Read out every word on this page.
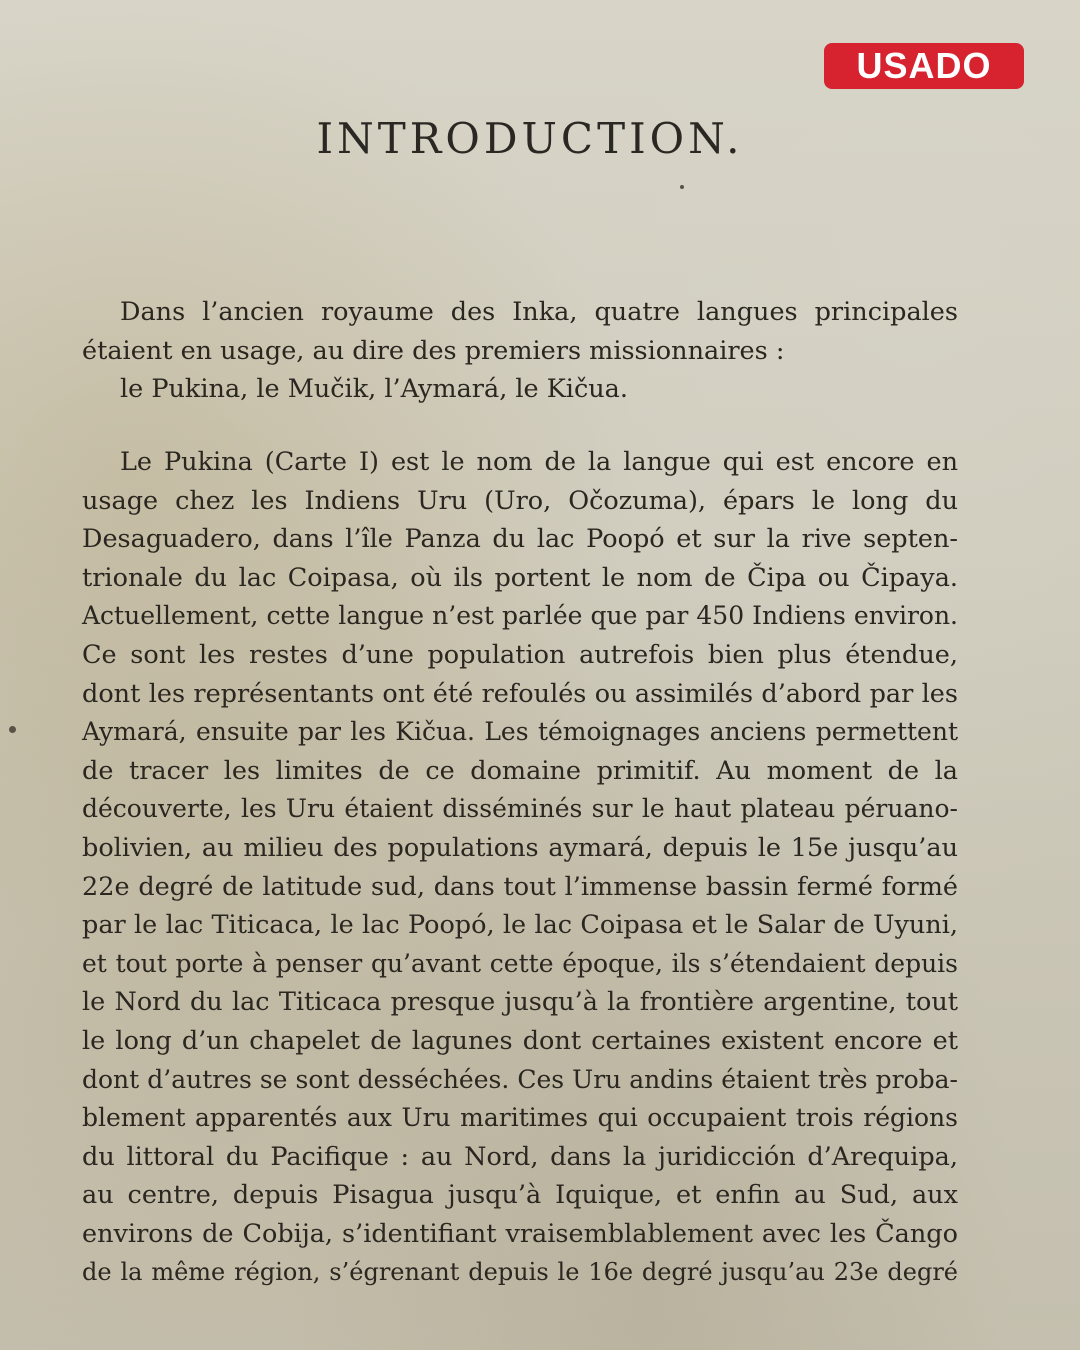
USADO
INTRODUCTION.
Dans l’ancien royaume des Inka, quatre langues principales
étaient en usage, au dire des premiers missionnaires :
le Pukina, le Mučik, l’Aymará, le Kičua.
Le Pukina (Carte I) est le nom de la langue qui est encore en
usage chez les Indiens Uru (Uro, Očozuma), épars le long du
Desaguadero, dans l’île Panza du lac Poopó et sur la rive septen-
trionale du lac Coipasa, où ils portent le nom de Čipa ou Čipaya.
Actuellement, cette langue n’est parlée que par 450 Indiens environ.
Ce sont les restes d’une population autrefois bien plus étendue,
dont les représentants ont été refoulés ou assimilés d’abord par les
Aymará, ensuite par les Kičua. Les témoignages anciens permettent
de tracer les limites de ce domaine primitif. Au moment de la
découverte, les Uru étaient disséminés sur le haut plateau péruano-
bolivien, au milieu des populations aymará, depuis le 15e jusqu’au
22e degré de latitude sud, dans tout l’immense bassin fermé formé
par le lac Titicaca, le lac Poopó, le lac Coipasa et le Salar de Uyuni,
et tout porte à penser qu’avant cette époque, ils s’étendaient depuis
le Nord du lac Titicaca presque jusqu’à la frontière argentine, tout
le long d’un chapelet de lagunes dont certaines existent encore et
dont d’autres se sont desséchées. Ces Uru andins étaient très proba-
blement apparentés aux Uru maritimes qui occupaient trois régions
du littoral du Pacifique : au Nord, dans la juridicción d’Arequipa,
au centre, depuis Pisagua jusqu’à Iquique, et enfin au Sud, aux
environs de Cobija, s’identifiant vraisemblablement avec les Čango
de la même région, s’égrenant depuis le 16e degré jusqu’au 23e degré
